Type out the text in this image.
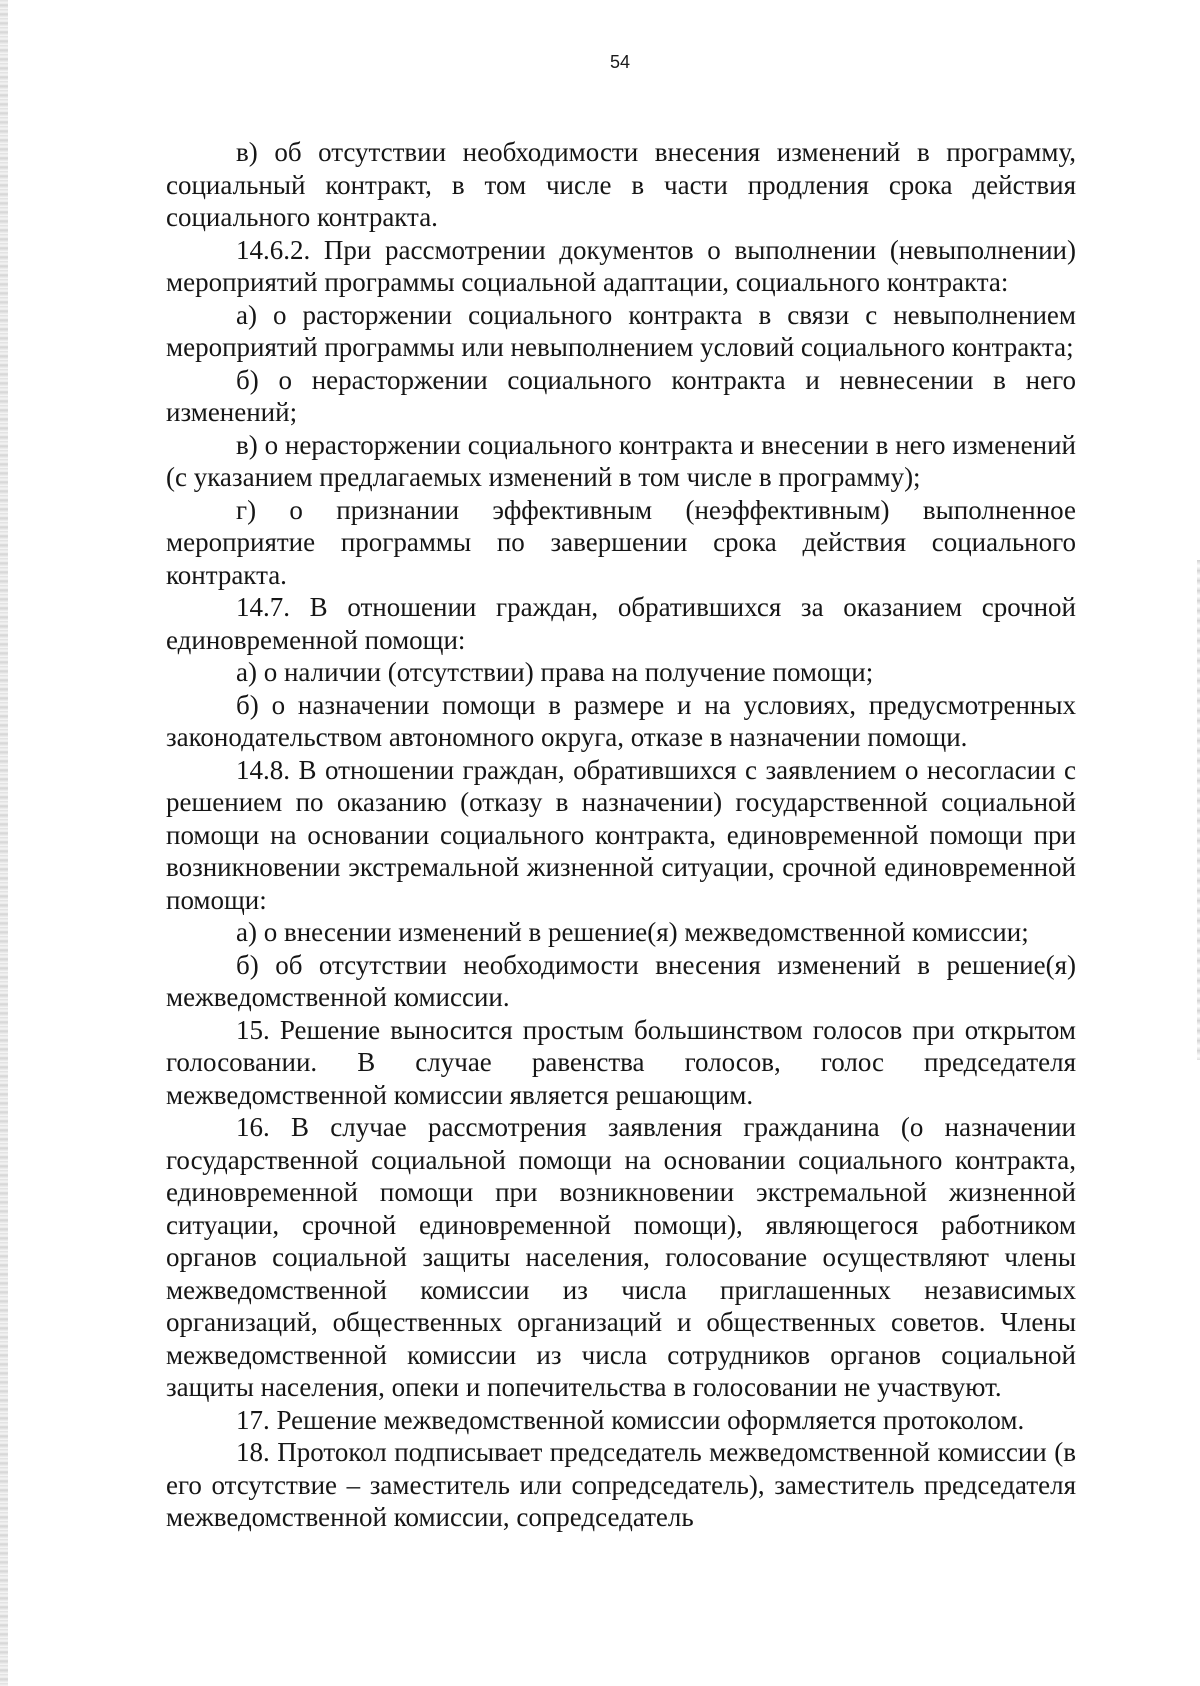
54

в) об отсутствии необходимости внесения изменений в программу, социальный контракт, в том числе в части продления срока действия социального контракта.

14.6.2. При рассмотрении документов о выполнении (невыполнении) мероприятий программы социальной адаптации, социального контракта:

а) о расторжении социального контракта в связи с невыполнением мероприятий программы или невыполнением условий социального контракта;

б) о нерасторжении социального контракта и невнесении в него изменений;

в) о нерасторжении социального контракта и внесении в него изменений (с указанием предлагаемых изменений в том числе в программу);

г) о признании эффективным (неэффективным) выполненное мероприятие программы по завершении срока действия социального контракта.

14.7. В отношении граждан, обратившихся за оказанием срочной единовременной помощи:

а) о наличии (отсутствии) права на получение помощи;

б) о назначении помощи в размере и на условиях, предусмотренных законодательством автономного округа, отказе в назначении помощи.

14.8. В отношении граждан, обратившихся с заявлением о несогласии с решением по оказанию (отказу в назначении) государственной социальной помощи на основании социального контракта, единовременной помощи при возникновении экстремальной жизненной ситуации, срочной единовременной помощи:

а) о внесении изменений в решение(я) межведомственной комиссии;

б) об отсутствии необходимости внесения изменений в решение(я) межведомственной комиссии.

15. Решение выносится простым большинством голосов при открытом голосовании. В случае равенства голосов, голос председателя межведомственной комиссии является решающим.

16. В случае рассмотрения заявления гражданина (о назначении государственной социальной помощи на основании социального контракта, единовременной помощи при возникновении экстремальной жизненной ситуации, срочной единовременной помощи), являющегося работником органов социальной защиты населения, голосование осуществляют члены межведомственной комиссии из числа приглашенных независимых организаций, общественных организаций и общественных советов. Члены межведомственной комиссии из числа сотрудников органов социальной защиты населения, опеки и попечительства в голосовании не участвуют.

17. Решение межведомственной комиссии оформляется протоколом.

18. Протокол подписывает председатель межведомственной комиссии (в его отсутствие – заместитель или сопредседатель), заместитель председателя межведомственной комиссии, сопредседатель
